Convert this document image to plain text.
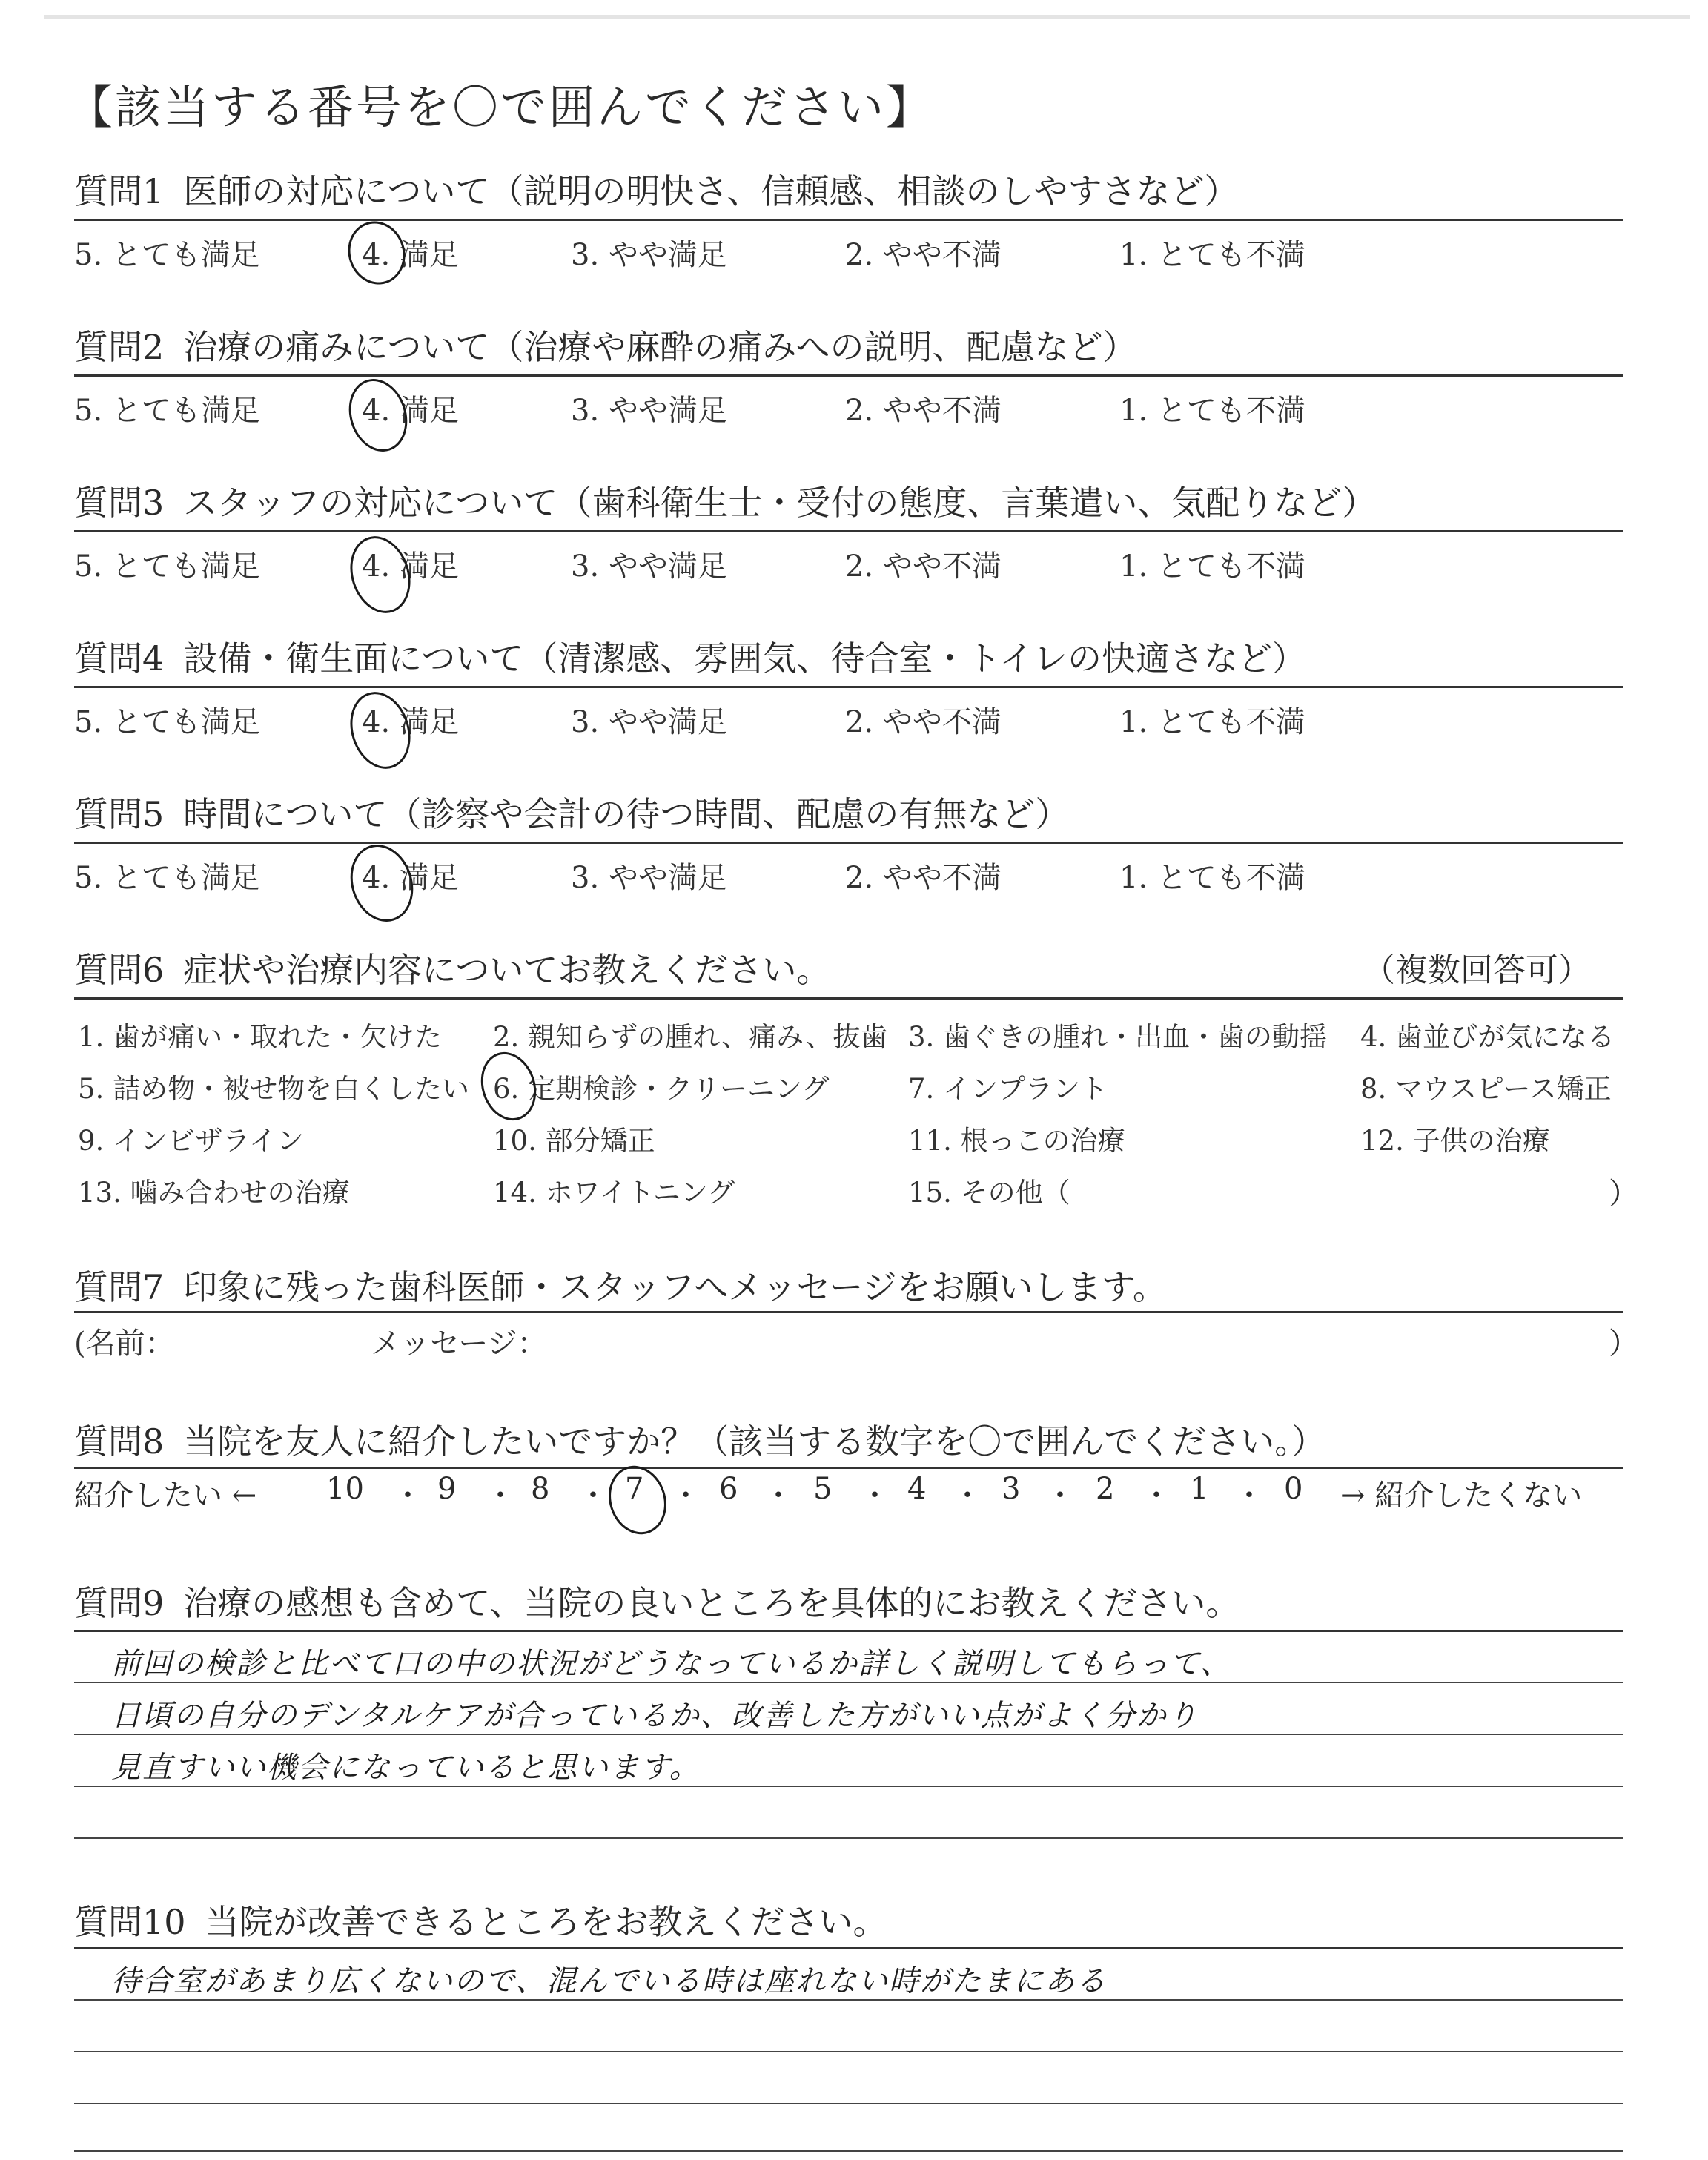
【該当する番号を〇で囲んでください】
質問1 医師の対応について（説明の明快さ、信頼感、相談のしやすさなど）
5. とても満足	4. 満足	3. やや満足	2. やや不満	1. とても不満
質問2 治療の痛みについて（治療や麻酔の痛みへの説明、配慮など）
5. とても満足	4. 満足	3. やや満足	2. やや不満	1. とても不満
質問3 スタッフの対応について（歯科衛生士・受付の態度、言葉遣い、気配りなど）
5. とても満足	4. 満足	3. やや満足	2. やや不満	1. とても不満
質問4 設備・衛生面について（清潔感、雰囲気、待合室・トイレの快適さなど）
5. とても満足	4. 満足	3. やや満足	2. やや不満	1. とても不満
質問5 時間について（診察や会計の待つ時間、配慮の有無など）
5. とても満足	4. 満足	3. やや満足	2. やや不満	1. とても不満
質問6 症状や治療内容についてお教えください。	（複数回答可）
1. 歯が痛い・取れた・欠けた 2. 親知らずの腫れ、痛み、抜歯 3. 歯ぐきの腫れ・出血・歯の動揺 4. 歯並びが気になる
5. 詰め物・被せ物を白くしたい 6. 定期検診・クリーニング	7. インプラント	8. マウスピース矯正
9. インビザライン	10. 部分矯正	11. 根っこの治療	12. 子供の治療
13. 噛み合わせの治療	14. ホワイトニング	15. その他（	）
質問7 印象に残った歯科医師・スタッフへメッセージをお願いします。
(名前：	メッセージ：	）
質問8 当院を友人に紹介したいですか？（該当する数字を〇で囲んでください。）
紹介したい ← 10 ・ 9 ・ 8 ・ 7 ・ 6 ・ 5 ・ 4 ・ 3 ・ 2 ・ 1 ・ 0 → 紹介したくない
質問9 治療の感想も含めて、当院の良いところを具体的にお教えください。
前回の検診と比べて口の中の状況がどうなっているか詳しく説明してもらって、
日頃の自分のデンタルケアが合っているか、改善した方がいい点がよく分かり
見直すいい機会になっていると思います。
質問10 当院が改善できるところをお教えください。
待合室があまり広くないので、混んでいる時は座れない時がたまにある
